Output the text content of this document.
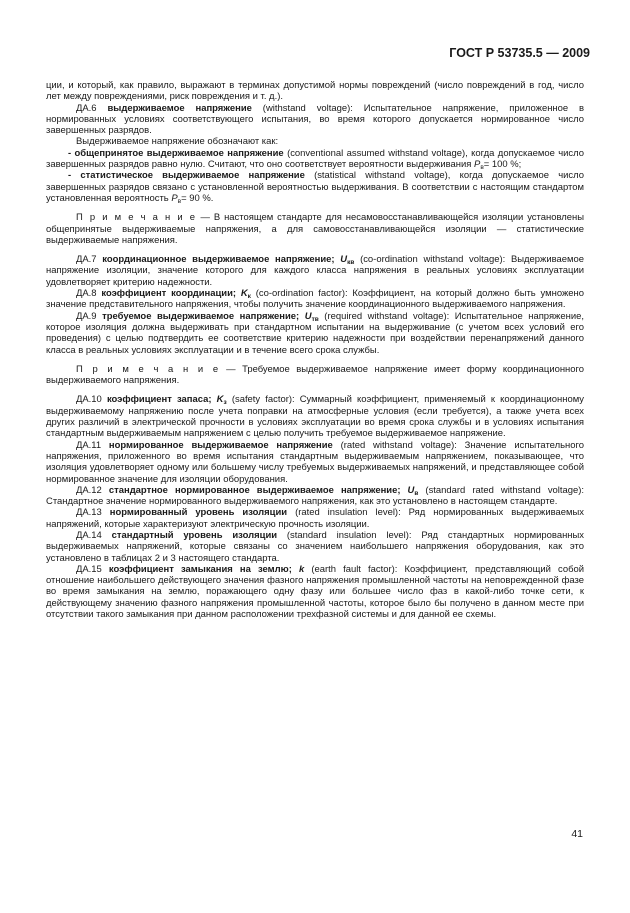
ГОСТ Р 53735.5 — 2009

ции, и который, как правило, выражают в терминах допустимой нормы повреждений (число повреждений в год, число лет между повреждениями, риск повреждения и т. д.).

ДА.6 выдерживаемое напряжение (withstand voltage): Испытательное напряжение, приложенное в нормированных условиях соответствующего испытания, во время которого допускается нормированное число завершенных разрядов.

Выдерживаемое напряжение обозначают как:

- общепринятое выдерживаемое напряжение (conventional assumed withstand voltage), когда допускаемое число завершенных разрядов равно нулю. Считают, что оно соответствует вероятности выдерживания $P_в= 100$ %;

- статистическое выдерживаемое напряжение (statistical withstand voltage), когда допускаемое число завершенных разрядов связано с установленной вероятностью выдерживания. В соответствии с настоящим стандартом установленная вероятность $P_в= 90$ %.

П р и м е ч а н и е — В настоящем стандарте для несамовосстанавливающейся изоляции установлены общепринятые выдерживаемые напряжения, а для самовосстанавливающейся изоляции — статистические выдерживаемые напряжения.

ДА.7 координационное выдерживаемое напряжение; $U_{кв}$ (co-ordination withstand voltage): Выдерживаемое напряжение изоляции, значение которого для каждого класса напряжения в реальных условиях эксплуатации удовлетворяет критерию надежности.

ДА.8 коэффициент координации; $K_к$ (co-ordination factor): Коэффициент, на который должно быть умножено значение представительного напряжения, чтобы получить значение координационного выдерживаемого напряжения.

ДА.9 требуемое выдерживаемое напряжение; $U_{тв}$ (required withstand voltage): Испытательное напряжение, которое изоляция должна выдерживать при стандартном испытании на выдерживание (с учетом всех условий его проведения) с целью подтвердить ее соответствие критерию надежности при воздействии перенапряжений данного класса в реальных условиях эксплуатации и в течение всего срока службы.

П р и м е ч а н и е — Требуемое выдерживаемое напряжение имеет форму координационного выдерживаемого напряжения.

ДА.10 коэффициент запаса; $K_з$ (safety factor): Суммарный коэффициент, применяемый к координационному выдерживаемому напряжению после учета поправки на атмосферные условия (если требуется), а также учета всех других различий в электрической прочности в условиях эксплуатации во время срока службы и в условиях испытания стандартным выдерживаемым напряжением с целью получить требуемое выдерживаемое напряжение.

ДА.11 нормированное выдерживаемое напряжение (rated withstand voltage): Значение испытательного напряжения, приложенного во время испытания стандартным выдерживаемым напряжением, показывающее, что изоляция удовлетворяет одному или большему числу требуемых выдерживаемых напряжений, и представляющее собой нормированное значение для изоляции оборудования.

ДА.12 стандартное нормированное выдерживаемое напряжение; $U_в$ (standard rated withstand voltage): Стандартное значение нормированного выдерживаемого напряжения, как это установлено в настоящем стандарте.

ДА.13 нормированный уровень изоляции (rated insulation level): Ряд нормированных выдерживаемых напряжений, которые характеризуют электрическую прочность изоляции.

ДА.14 стандартный уровень изоляции (standard insulation level): Ряд стандартных нормированных выдерживаемых напряжений, которые связаны со значением наибольшего напряжения оборудования, как это установлено в таблицах 2 и 3 настоящего стандарта.

ДА.15 коэффициент замыкания на землю; k (earth fault factor): Коэффициент, представляющий собой отношение наибольшего действующего значения фазного напряжения промышленной частоты на неповрежденной фазе во время замыкания на землю, поражающего одну фазу или большее число фаз в какой-либо точке сети, к действующему значению фазного напряжения промышленной частоты, которое было бы получено в данном месте при отсутствии такого замыкания при данном расположении трехфазной системы и для данной ее схемы.

41
